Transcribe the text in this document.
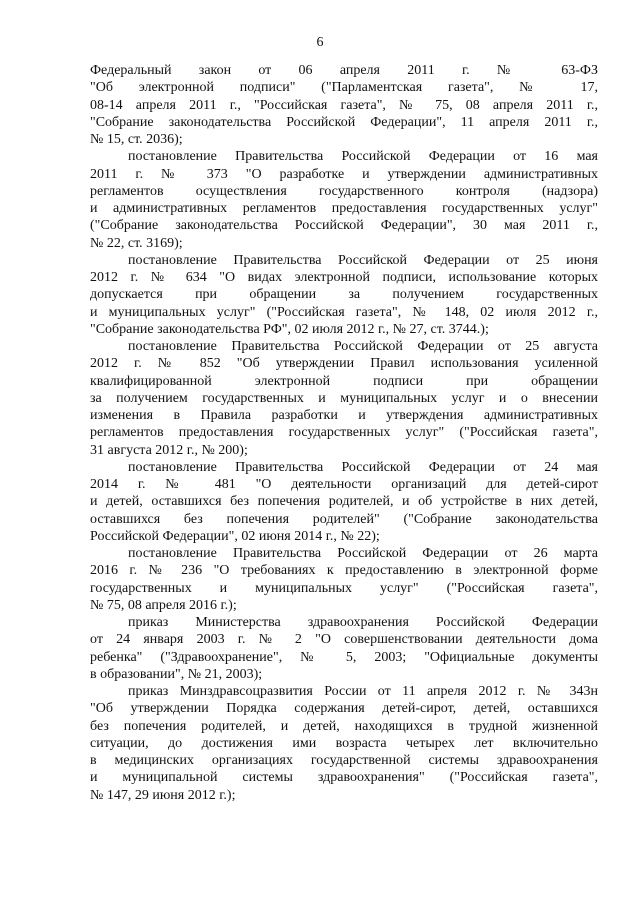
6

Федеральный закон от 06 апреля 2011 г. № 63-ФЗ
"Об электронной подписи" ("Парламентская газета", № 17,
08-14 апреля 2011 г., "Российская газета", № 75, 08 апреля 2011 г.,
"Собрание законодательства Российской Федерации", 11 апреля 2011 г.,
№ 15, ст. 2036);

постановление Правительства Российской Федерации от 16 мая
2011 г. № 373 "О разработке и утверждении административных
регламентов осуществления государственного контроля (надзора)
и административных регламентов предоставления государственных услуг"
("Собрание законодательства Российской Федерации", 30 мая 2011 г.,
№ 22, ст. 3169);

постановление Правительства Российской Федерации от 25 июня
2012 г. № 634 "О видах электронной подписи, использование которых
допускается при обращении за получением государственных
и муниципальных услуг" ("Российская газета", № 148, 02 июля 2012 г.,
"Собрание законодательства РФ", 02 июля 2012 г., № 27, ст. 3744.);

постановление Правительства Российской Федерации от 25 августа
2012 г. № 852 "Об утверждении Правил использования усиленной
квалифицированной электронной подписи при обращении
за получением государственных и муниципальных услуг и о внесении
изменения в Правила разработки и утверждения административных
регламентов предоставления государственных услуг" ("Российская газета",
31 августа 2012 г., № 200);

постановление Правительства Российской Федерации от 24 мая
2014 г. № 481 "О деятельности организаций для детей-сирот
и детей, оставшихся без попечения родителей, и об устройстве в них детей,
оставшихся без попечения родителей" ("Собрание законодательства
Российской Федерации", 02 июня 2014 г., № 22);

постановление Правительства Российской Федерации от 26 марта
2016 г. № 236 "О требованиях к предоставлению в электронной форме
государственных и муниципальных услуг" ("Российская газета",
№ 75, 08 апреля 2016 г.);

приказ Министерства здравоохранения Российской Федерации
от 24 января 2003 г. № 2 "О совершенствовании деятельности дома
ребенка" ("Здравоохранение", № 5, 2003; "Официальные документы
в образовании", № 21, 2003);

приказ Минздравсоцразвития России от 11 апреля 2012 г. № 343н
"Об утверждении Порядка содержания детей-сирот, детей, оставшихся
без попечения родителей, и детей, находящихся в трудной жизненной
ситуации, до достижения ими возраста четырех лет включительно
в медицинских организациях государственной системы здравоохранения
и муниципальной системы здравоохранения" ("Российская газета",
№ 147, 29 июня 2012 г.);
